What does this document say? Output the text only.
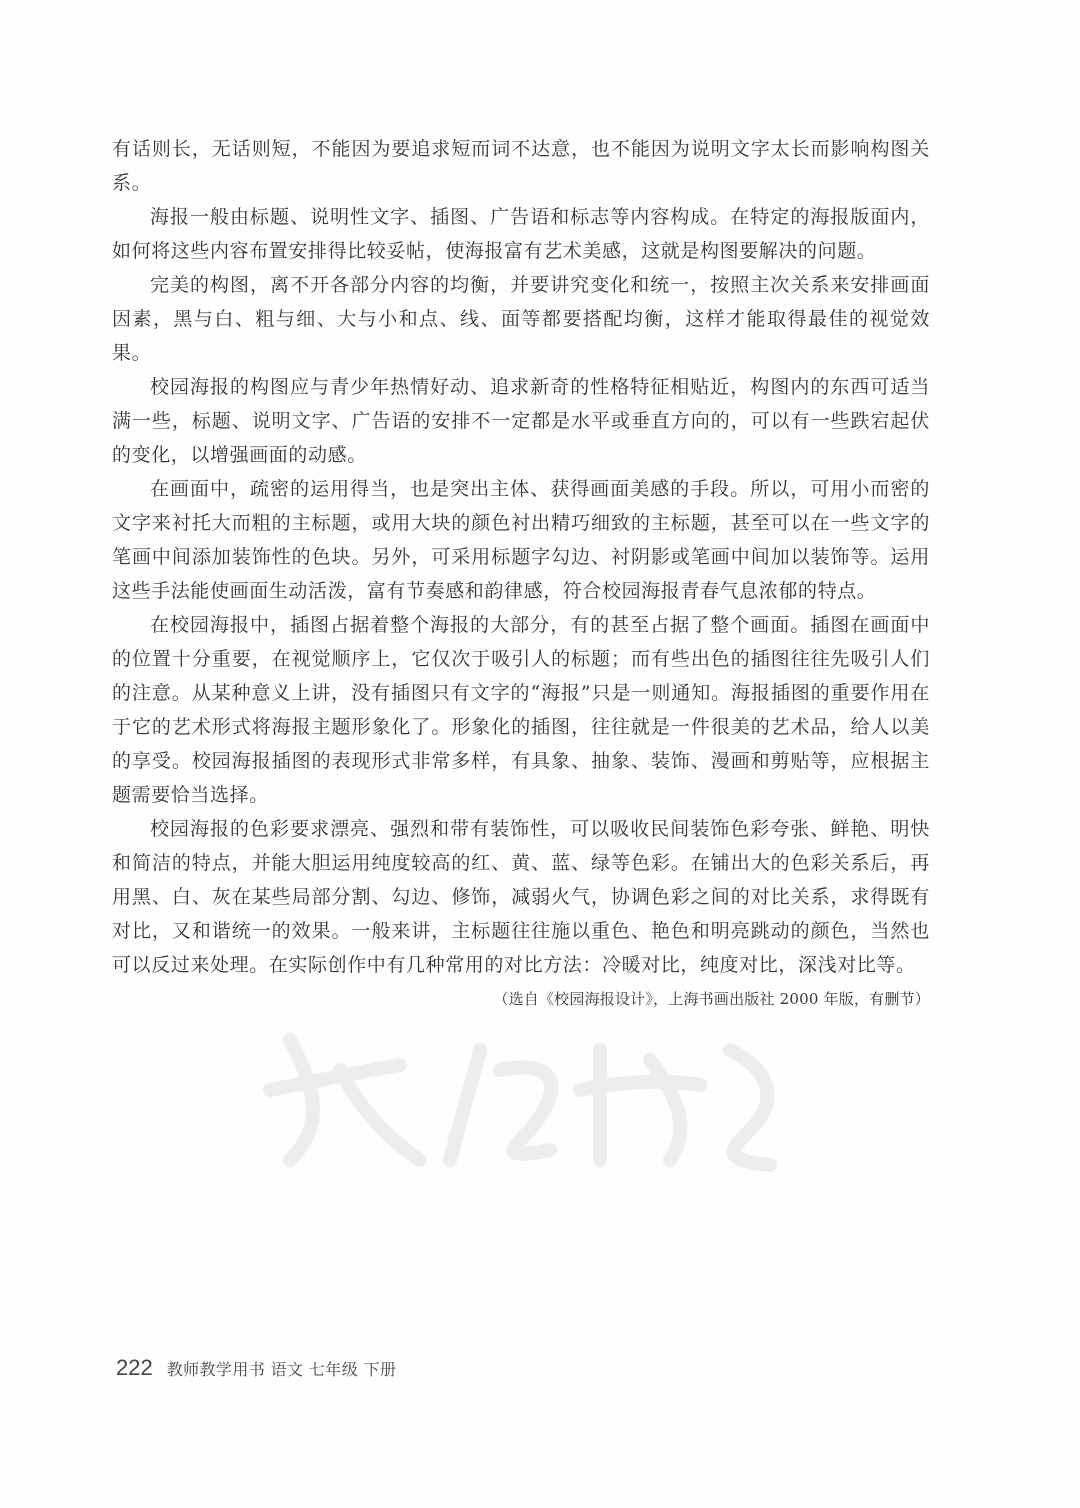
有话则长，无话则短，不能因为要追求短而词不达意，也不能因为说明文字太长而影响构图关系。

海报一般由标题、说明性文字、插图、广告语和标志等内容构成。在特定的海报版面内，如何将这些内容布置安排得比较妥帖，使海报富有艺术美感，这就是构图要解决的问题。

完美的构图，离不开各部分内容的均衡，并要讲究变化和统一，按照主次关系来安排画面因素，黑与白、粗与细、大与小和点、线、面等都要搭配均衡，这样才能取得最佳的视觉效果。

校园海报的构图应与青少年热情好动、追求新奇的性格特征相贴近，构图内的东西可适当满一些，标题、说明文字、广告语的安排不一定都是水平或垂直方向的，可以有一些跌宕起伏的变化，以增强画面的动感。

在画面中，疏密的运用得当，也是突出主体、获得画面美感的手段。所以，可用小而密的文字来衬托大而粗的主标题，或用大块的颜色衬出精巧细致的主标题，甚至可以在一些文字的笔画中间添加装饰性的色块。另外，可采用标题字勾边、衬阴影或笔画中间加以装饰等。运用这些手法能使画面生动活泼，富有节奏感和韵律感，符合校园海报青春气息浓郁的特点。

在校园海报中，插图占据着整个海报的大部分，有的甚至占据了整个画面。插图在画面中的位置十分重要，在视觉顺序上，它仅次于吸引人的标题；而有些出色的插图往往先吸引人们的注意。从某种意义上讲，没有插图只有文字的“海报”只是一则通知。海报插图的重要作用在于它的艺术形式将海报主题形象化了。形象化的插图，往往就是一件很美的艺术品，给人以美的享受。校园海报插图的表现形式非常多样，有具象、抽象、装饰、漫画和剪贴等，应根据主题需要恰当选择。

校园海报的色彩要求漂亮、强烈和带有装饰性，可以吸收民间装饰色彩夸张、鲜艳、明快和简洁的特点，并能大胆运用纯度较高的红、黄、蓝、绿等色彩。在铺出大的色彩关系后，再用黑、白、灰在某些局部分割、勾边、修饰，减弱火气，协调色彩之间的对比关系，求得既有对比，又和谐统一的效果。一般来讲，主标题往往施以重色、艳色和明亮跳动的颜色，当然也可以反过来处理。在实际创作中有几种常用的对比方法：冷暖对比，纯度对比，深浅对比等。

（选自《校园海报设计》，上海书画出版社 2000 年版，有删节）

222 教师教学用书 语文 七年级 下册
